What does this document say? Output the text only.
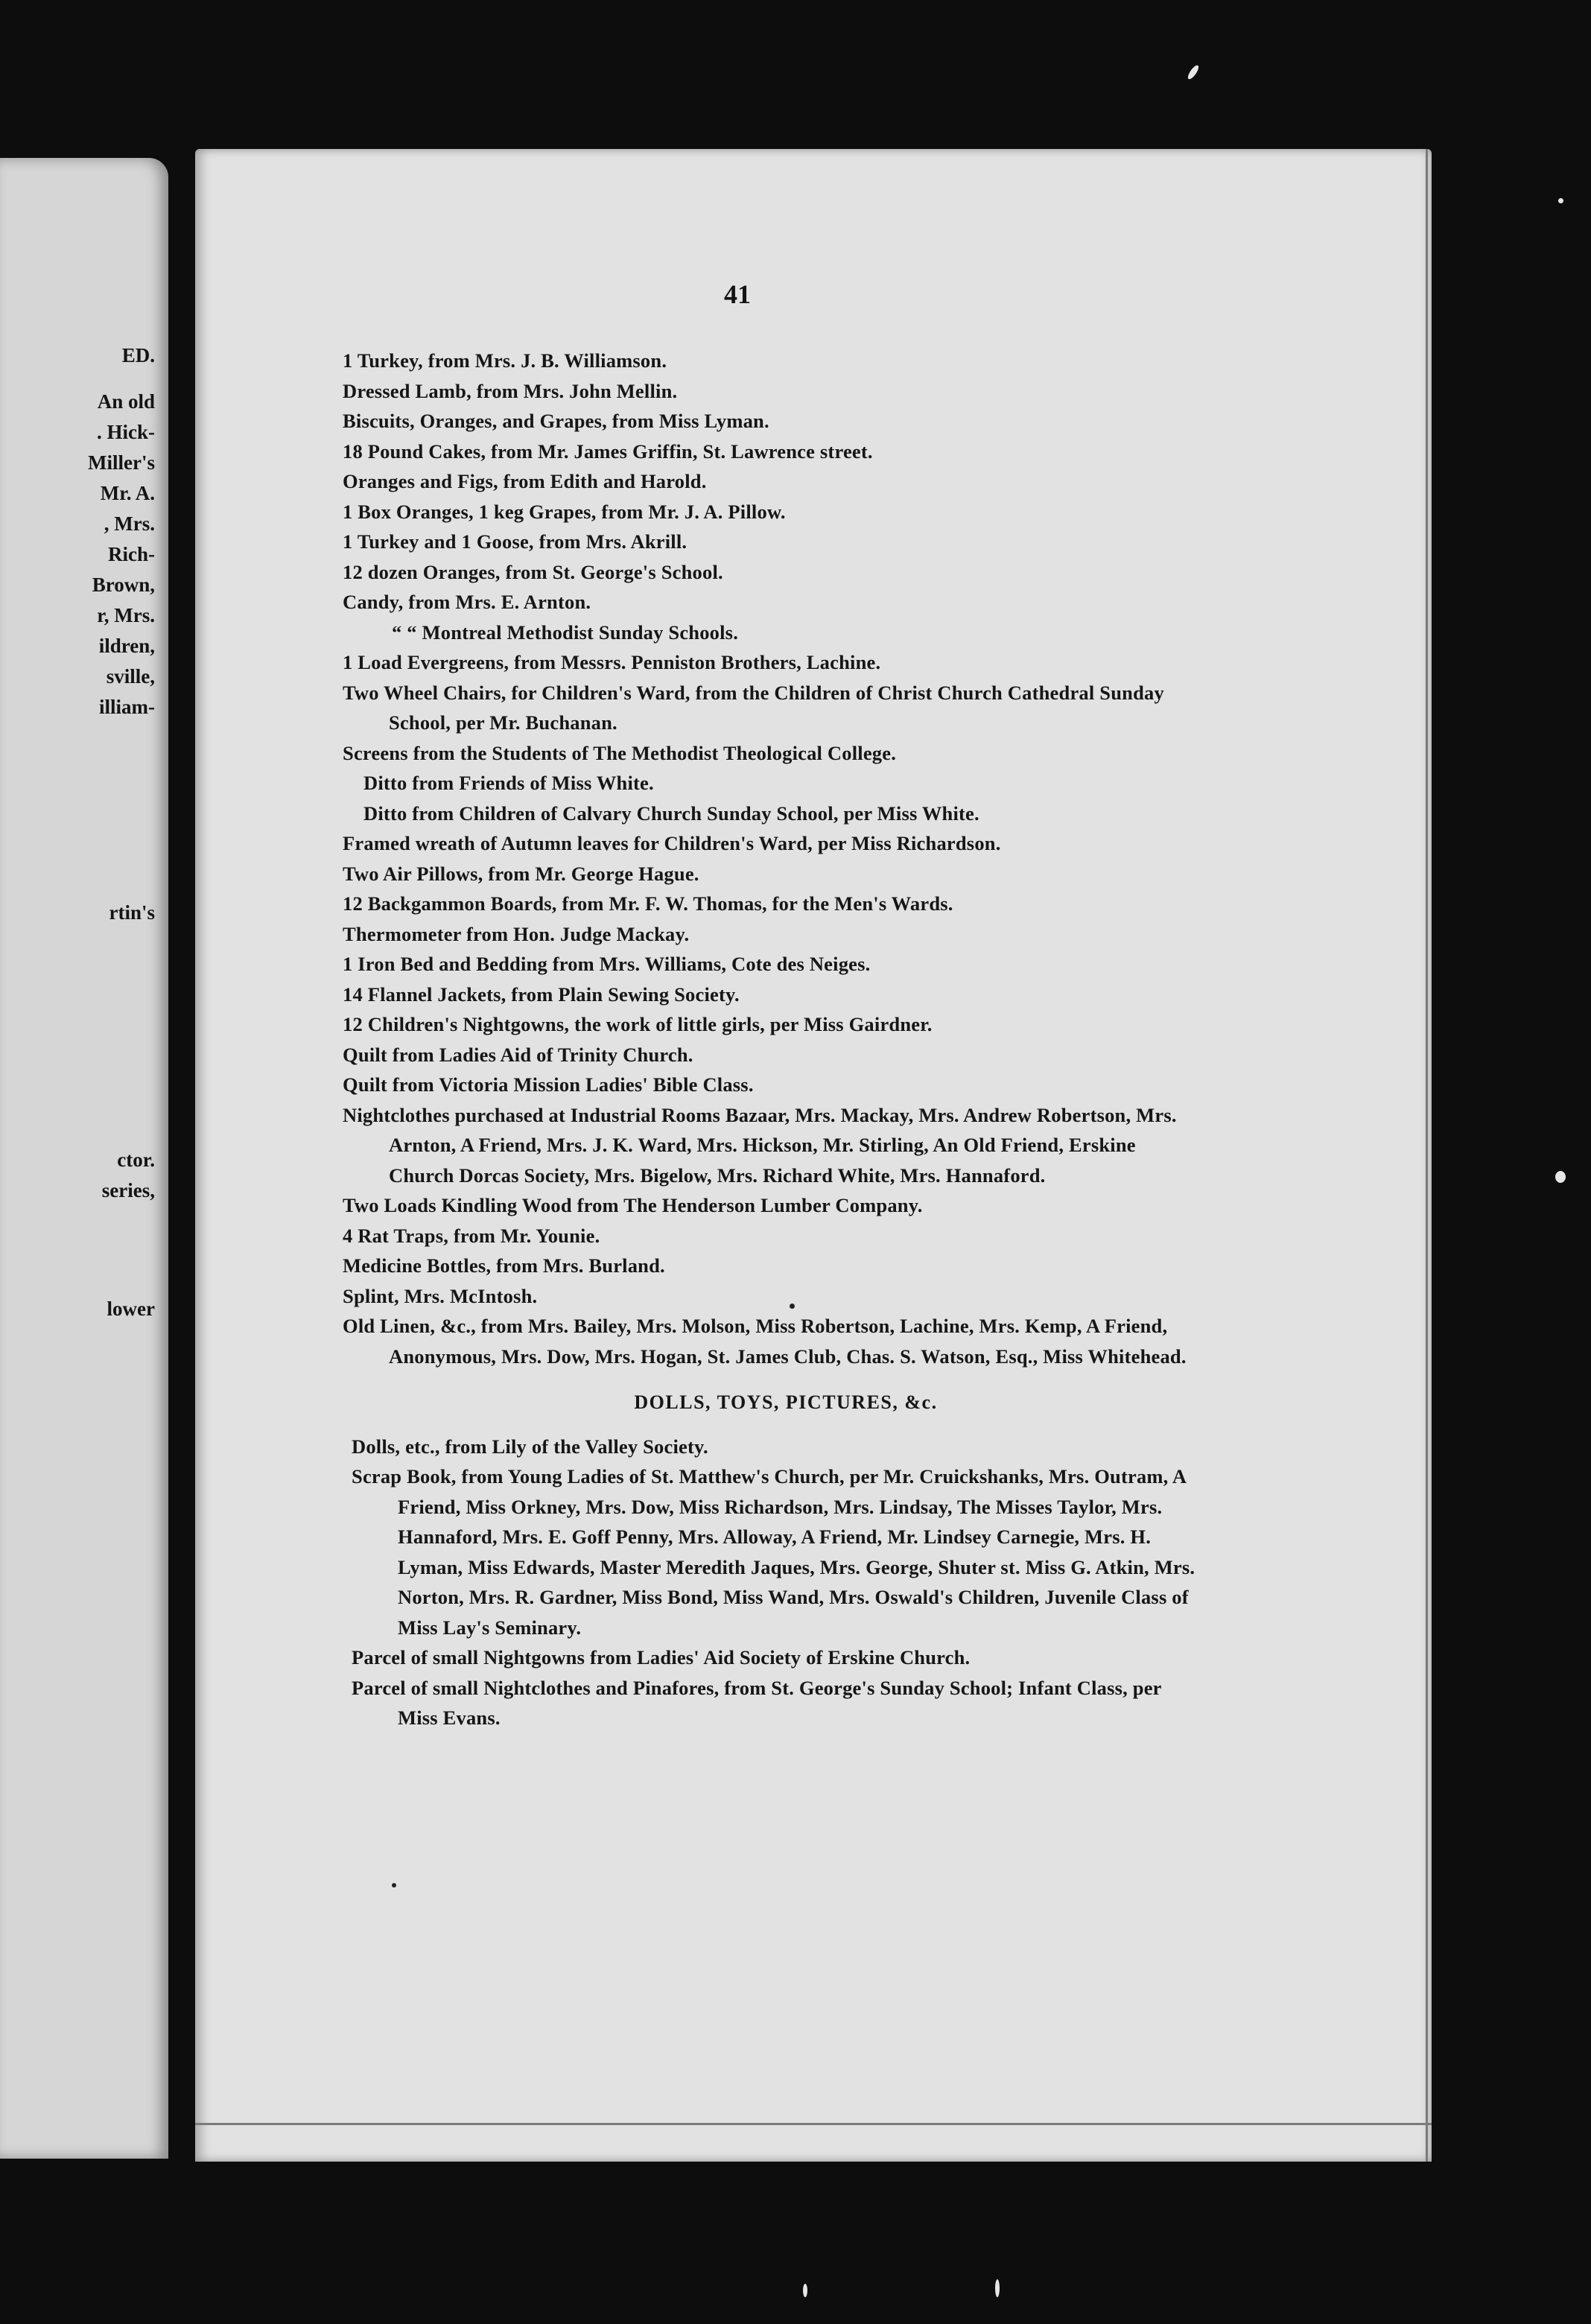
ED.
An old
. Hick-
Miller's
Mr. A.
, Mrs.
Rich-
Brown,
r, Mrs.
ildren,
sville,
illiam-
rtin's
ctor.
series,
lower
41

1 Turkey, from Mrs. J. B. Williamson.

Dressed Lamb, from Mrs. John Mellin.

Biscuits, Oranges, and Grapes, from Miss Lyman.

18 Pound Cakes, from Mr. James Griffin, St. Lawrence street.

Oranges and Figs, from Edith and Harold.

1 Box Oranges, 1 keg Grapes, from Mr. J. A. Pillow.

1 Turkey and 1 Goose, from Mrs. Akrill.

12 dozen Oranges, from St. George's School.

Candy, from Mrs. E. Arnton.

“ “ Montreal Methodist Sunday Schools.

1 Load Evergreens, from Messrs. Penniston Brothers, Lachine.

Two Wheel Chairs, for Children's Ward, from the Children of Christ Church Cathedral Sunday School, per Mr. Buchanan.

Screens from the Students of The Methodist Theological College.

Ditto from Friends of Miss White.

Ditto from Children of Calvary Church Sunday School, per Miss White.

Framed wreath of Autumn leaves for Children's Ward, per Miss Richardson.

Two Air Pillows, from Mr. George Hague.

12 Backgammon Boards, from Mr. F. W. Thomas, for the Men's Wards.

Thermometer from Hon. Judge Mackay.

1 Iron Bed and Bedding from Mrs. Williams, Cote des Neiges.

14 Flannel Jackets, from Plain Sewing Society.

12 Children's Nightgowns, the work of little girls, per Miss Gairdner.

Quilt from Ladies Aid of Trinity Church.

Quilt from Victoria Mission Ladies' Bible Class.

Nightclothes purchased at Industrial Rooms Bazaar, Mrs. Mackay, Mrs. Andrew Robertson, Mrs. Arnton, A Friend, Mrs. J. K. Ward, Mrs. Hickson, Mr. Stirling, An Old Friend, Erskine Church Dorcas Society, Mrs. Bigelow, Mrs. Richard White, Mrs. Hannaford.

Two Loads Kindling Wood from The Henderson Lumber Company.

4 Rat Traps, from Mr. Younie.

Medicine Bottles, from Mrs. Burland.

Splint, Mrs. McIntosh.

Old Linen, &c., from Mrs. Bailey, Mrs. Molson, Miss Robertson, Lachine, Mrs. Kemp, A Friend, Anonymous, Mrs. Dow, Mrs. Hogan, St. James Club, Chas. S. Watson, Esq., Miss Whitehead.

DOLLS, TOYS, PICTURES, &c.

Dolls, etc., from Lily of the Valley Society.

Scrap Book, from Young Ladies of St. Matthew's Church, per Mr. Cruickshanks, Mrs. Outram, A Friend, Miss Orkney, Mrs. Dow, Miss Richardson, Mrs. Lindsay, The Misses Taylor, Mrs. Hannaford, Mrs. E. Goff Penny, Mrs. Alloway, A Friend, Mr. Lindsey Carnegie, Mrs. H. Lyman, Miss Edwards, Master Meredith Jaques, Mrs. George, Shuter st. Miss G. Atkin, Mrs. Norton, Mrs. R. Gardner, Miss Bond, Miss Wand, Mrs. Oswald's Children, Juvenile Class of Miss Lay's Seminary.

Parcel of small Nightgowns from Ladies' Aid Society of Erskine Church.

Parcel of small Nightclothes and Pinafores, from St. George's Sunday School; Infant Class, per Miss Evans.
